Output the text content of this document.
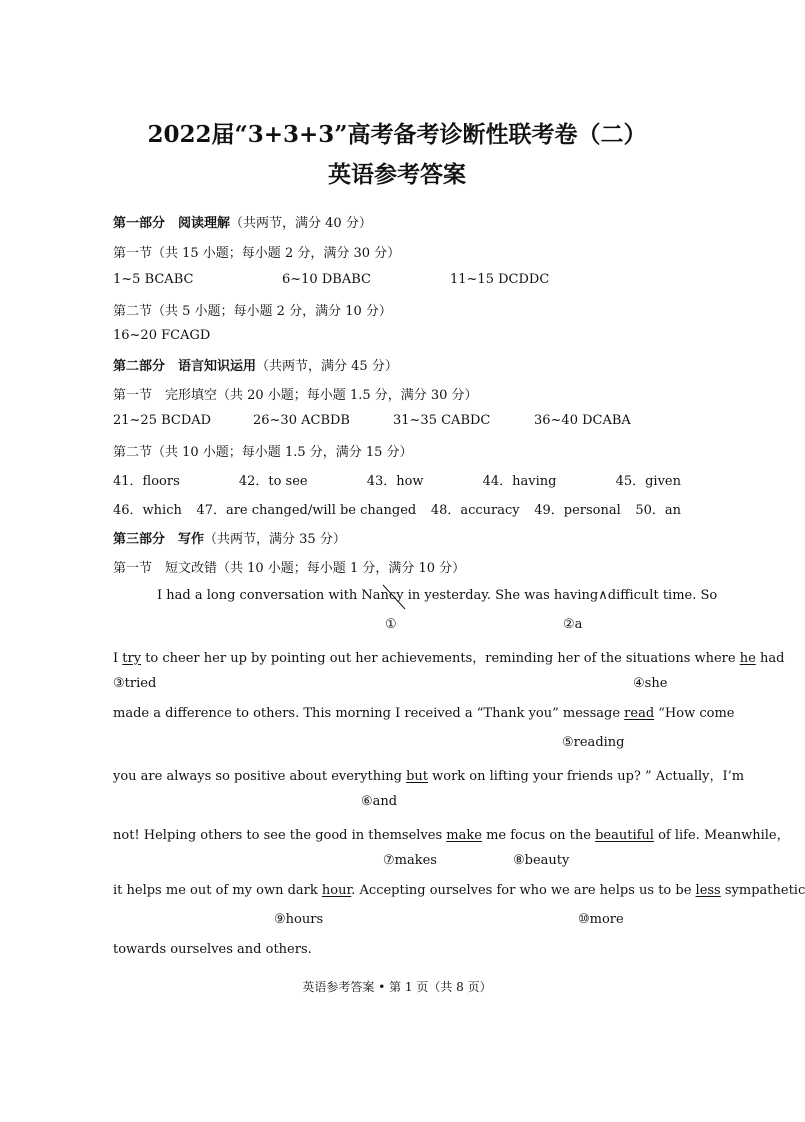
2022届“3+3+3”高考备考诊断性联考卷（二）
英语参考答案
第一部分　阅读理解（共两节，满分 40 分）
第一节（共 15 小题；每小题 2 分，满分 30 分）
1~5 BCABC	6~10 DBABC	11~15 DCDDC
第二节（共 5 小题；每小题 2 分，满分 10 分）
16~20 FCAGD
第二部分　语言知识运用（共两节，满分 45 分）
第一节　完形填空（共 20 小题；每小题 1.5 分，满分 30 分）
21~25 BCDAD	26~30 ACBDB	31~35 CABDC	36~40 DCABA
第二节（共 10 小题；每小题 1.5 分，满分 15 分）
41．floors	42．to see	43．how	44．having	45．given
46．which 47．are changed/will be changed 48．accuracy 49．personal 50．an
第三部分　写作（共两节，满分 35 分）
第一节　短文改错（共 10 小题；每小题 1 分，满分 10 分）
I had a long conversation with Nancy in yesterday. She was having∧difficult time. So
①	②a
I try to cheer her up by pointing out her achievements，reminding her of the situations where he had
③tried	④she
made a difference to others. This morning I received a “Thank you” message read “How come
⑤reading
you are always so positive about everything but work on lifting your friends up? ” Actually，I’m
⑥and
not! Helping others to see the good in themselves make me focus on the beautiful of life. Meanwhile，
⑦makes	⑧beauty
it helps me out of my own dark hour. Accepting ourselves for who we are helps us to be less sympathetic
⑨hours	⑩more
towards ourselves and others.
英语参考答案 • 第 1 页（共 8 页）
